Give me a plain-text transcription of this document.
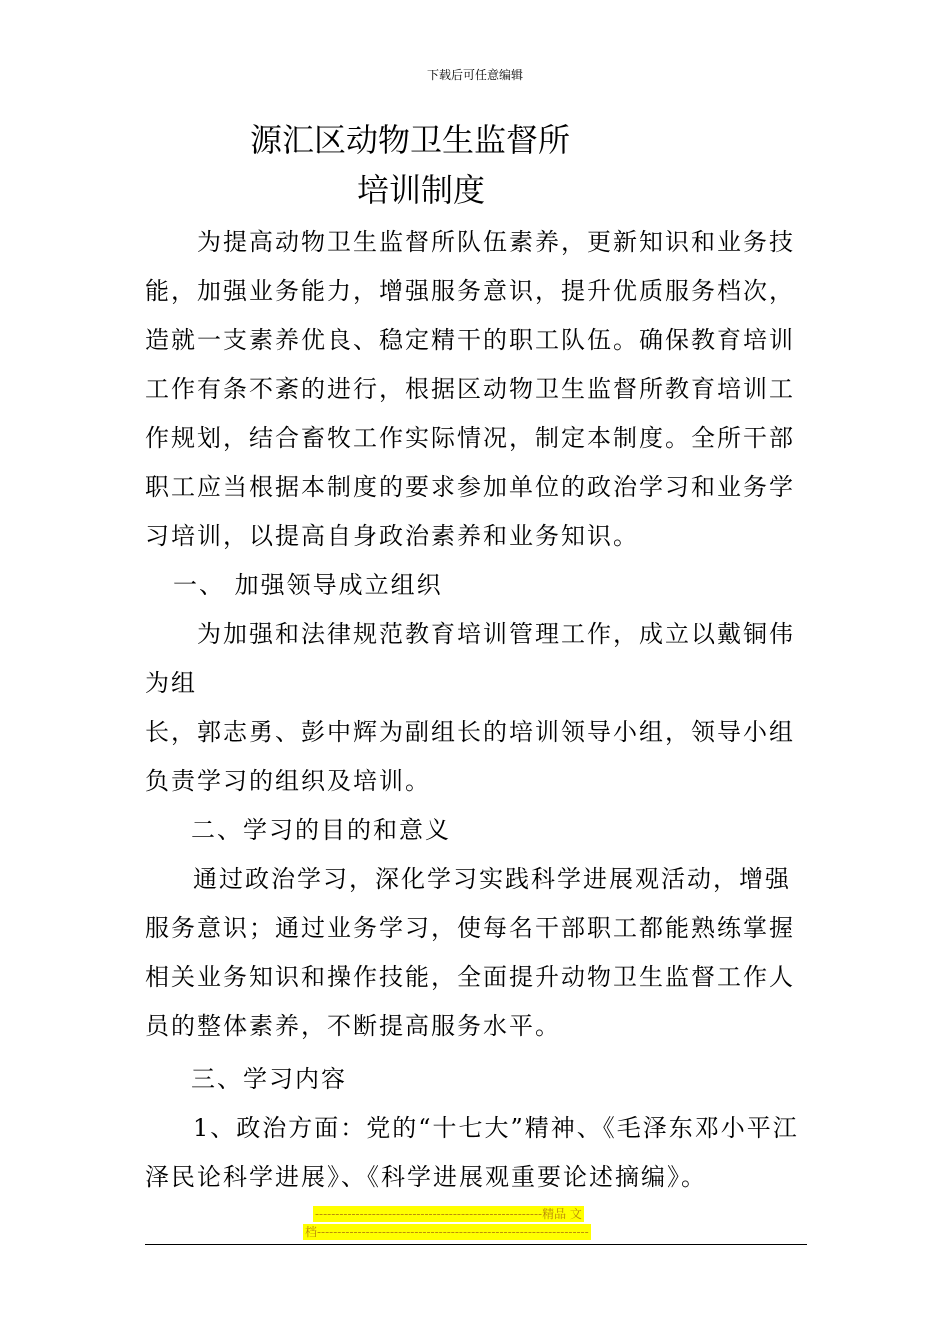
下载后可任意编辑
源汇区动物卫生监督所
培训制度

为提高动物卫生监督所队伍素养，更新知识和业务技能，加强业务能力，增强服务意识，提升优质服务档次，造就一支素养优良、稳定精干的职工队伍。确保教育培训工作有条不紊的进行，根据区动物卫生监督所教育培训工作规划，结合畜牧工作实际情况，制定本制度。全所干部职工应当根据本制度的要求参加单位的政治学习和业务学习培训，以提高自身政治素养和业务知识。

一、 加强领导成立组织

为加强和法律规范教育培训管理工作，成立以戴铜伟为组

长，郭志勇、彭中辉为副组长的培训领导小组，领导小组负责学习的组织及培训。

二、学习的目的和意义

通过政治学习，深化学习实践科学进展观活动，增强服务意识；通过业务学习，使每名干部职工都能熟练掌握相关业务知识和操作技能，全面提升动物卫生监督工作人员的整体素养，不断提高服务水平。

三、学习内容

1、政治方面：党的“十七大”精神、《毛泽东邓小平江泽民论科学进展》、《科学进展观重要论述摘编》。

--------------------------------------------------------精品 文
档-------------------------------------------------------------------
